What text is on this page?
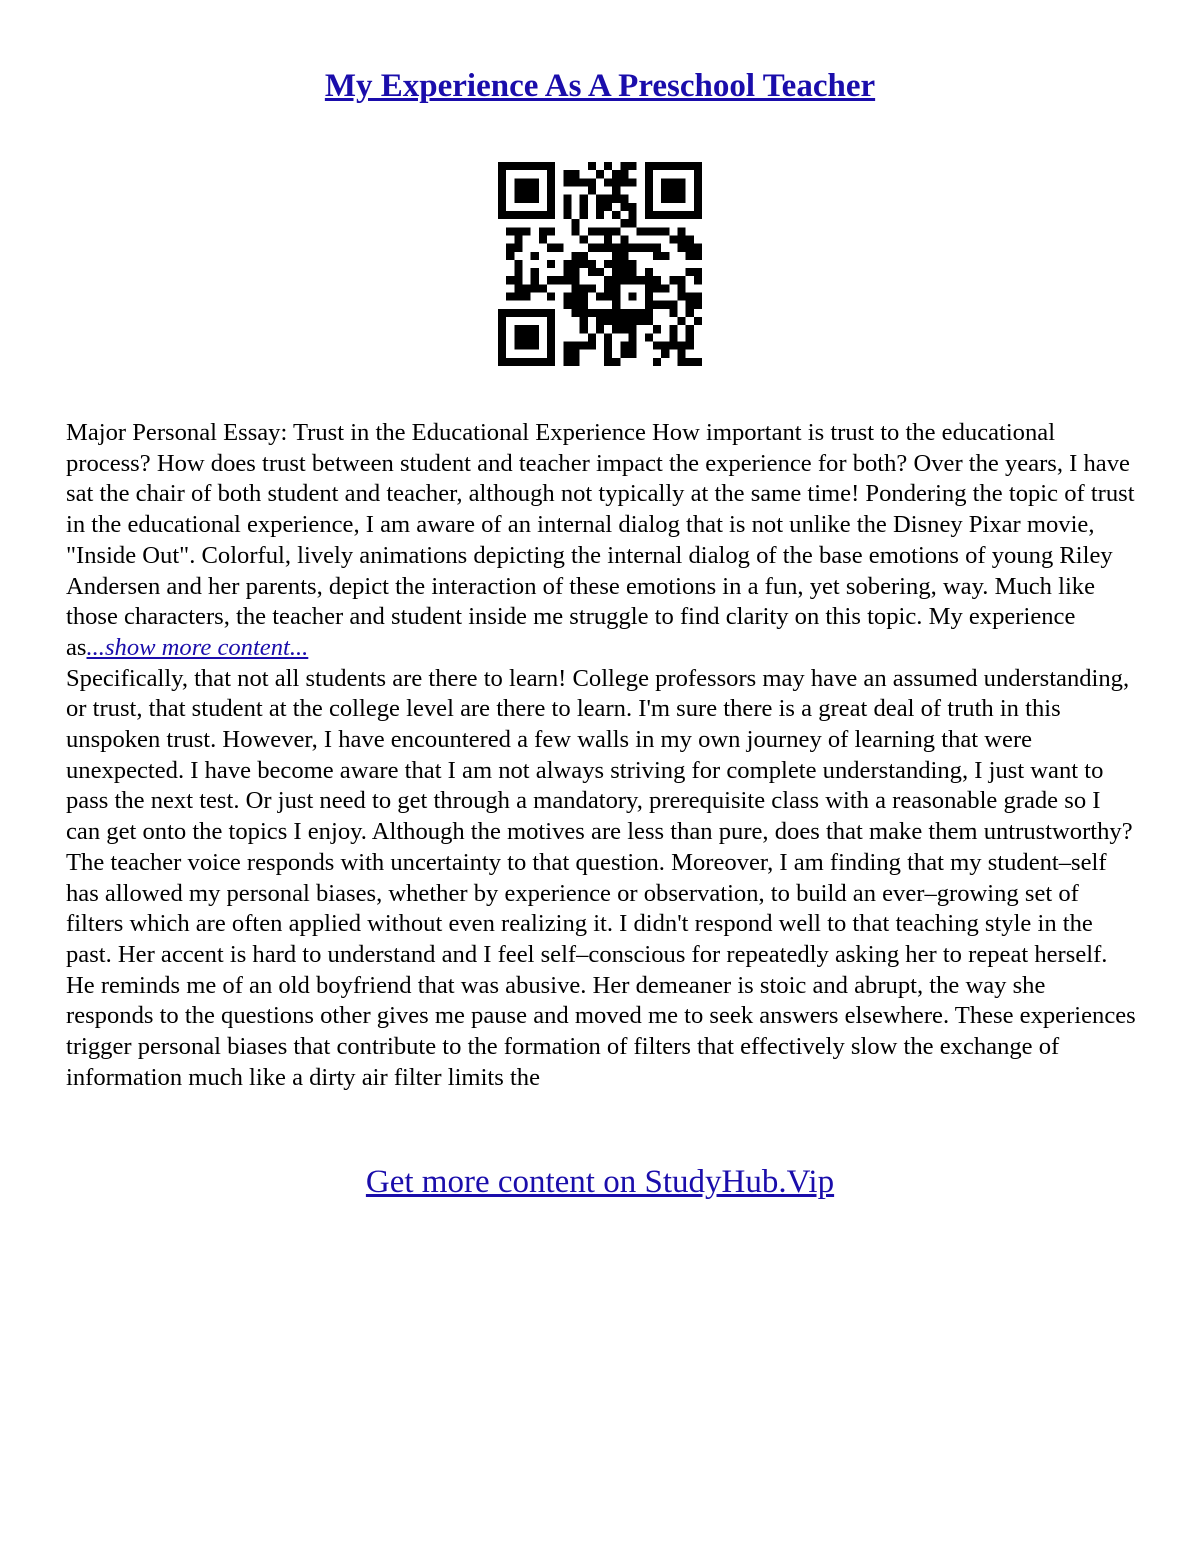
My Experience As A Preschool Teacher

Major Personal Essay: Trust in the Educational Experience How important is trust to the educational process? How does trust between student and teacher impact the experience for both? Over the years, I have sat the chair of both student and teacher, although not typically at the same time! Pondering the topic of trust in the educational experience, I am aware of an internal dialog that is not unlike the Disney Pixar movie, "Inside Out". Colorful, lively animations depicting the internal dialog of the base emotions of young Riley Andersen and her parents, depict the interaction of these emotions in a fun, yet sobering, way. Much like those characters, the teacher and student inside me struggle to find clarity on this topic. My experience as...show more content...

Specifically, that not all students are there to learn! College professors may have an assumed understanding, or trust, that student at the college level are there to learn. I'm sure there is a great deal of truth in this unspoken trust. However, I have encountered a few walls in my own journey of learning that were unexpected. I have become aware that I am not always striving for complete understanding, I just want to pass the next test. Or just need to get through a mandatory, prerequisite class with a reasonable grade so I can get onto the topics I enjoy. Although the motives are less than pure, does that make them untrustworthy? The teacher voice responds with uncertainty to that question. Moreover, I am finding that my student–self has allowed my personal biases, whether by experience or observation, to build an ever–growing set of filters which are often applied without even realizing it. I didn't respond well to that teaching style in the past. Her accent is hard to understand and I feel self–conscious for repeatedly asking her to repeat herself. He reminds me of an old boyfriend that was abusive. Her demeaner is stoic and abrupt, the way she responds to the questions other gives me pause and moved me to seek answers elsewhere. These experiences trigger personal biases that contribute to the formation of filters that effectively slow the exchange of information much like a dirty air filter limits the

Get more content on StudyHub.Vip
